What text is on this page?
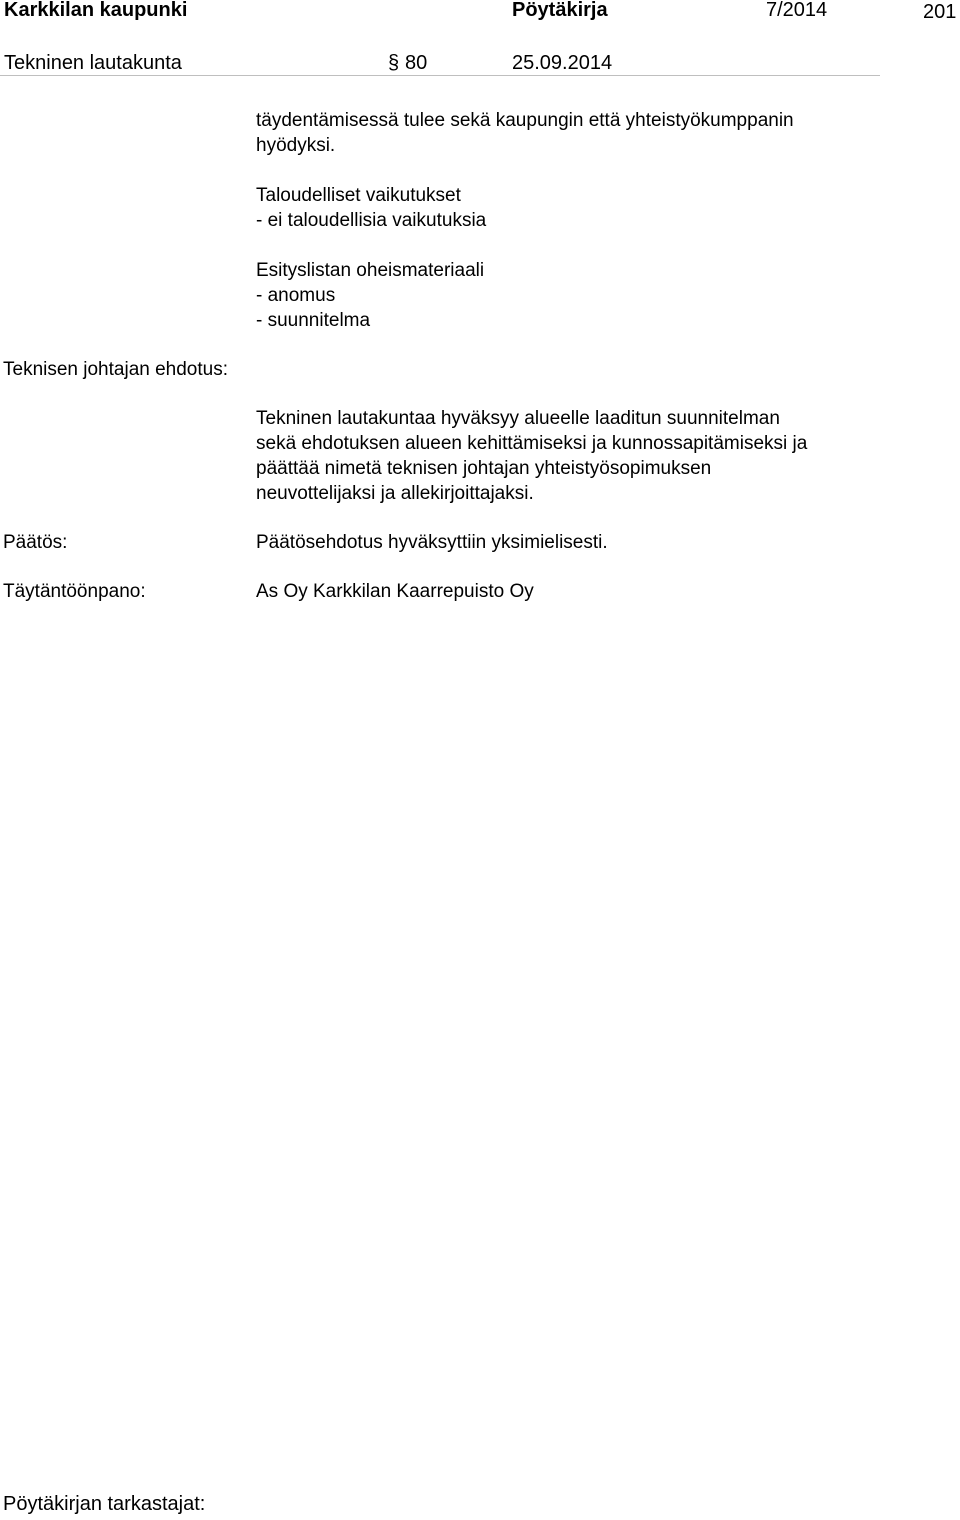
Karkkilan kaupunki	Pöytäkirja	7/2014	201
Tekninen lautakunta	§ 80	25.09.2014
täydentämisessä tulee sekä kaupungin että yhteistyökumppanin
hyödyksi.
Taloudelliset vaikutukset
- ei taloudellisia vaikutuksia
Esityslistan oheismateriaali
- anomus
- suunnitelma
Teknisen johtajan ehdotus:
Tekninen lautakuntaa hyväksyy alueelle laaditun suunnitelman
sekä ehdotuksen alueen kehittämiseksi ja kunnossapitämiseksi ja
päättää nimetä teknisen johtajan yhteistyösopimuksen
neuvottelijaksi ja allekirjoittajaksi.
Päätös:	Päätösehdotus hyväksyttiin yksimielisesti.
Täytäntöönpano:	As Oy Karkkilan Kaarrepuisto Oy
Pöytäkirjan tarkastajat:
